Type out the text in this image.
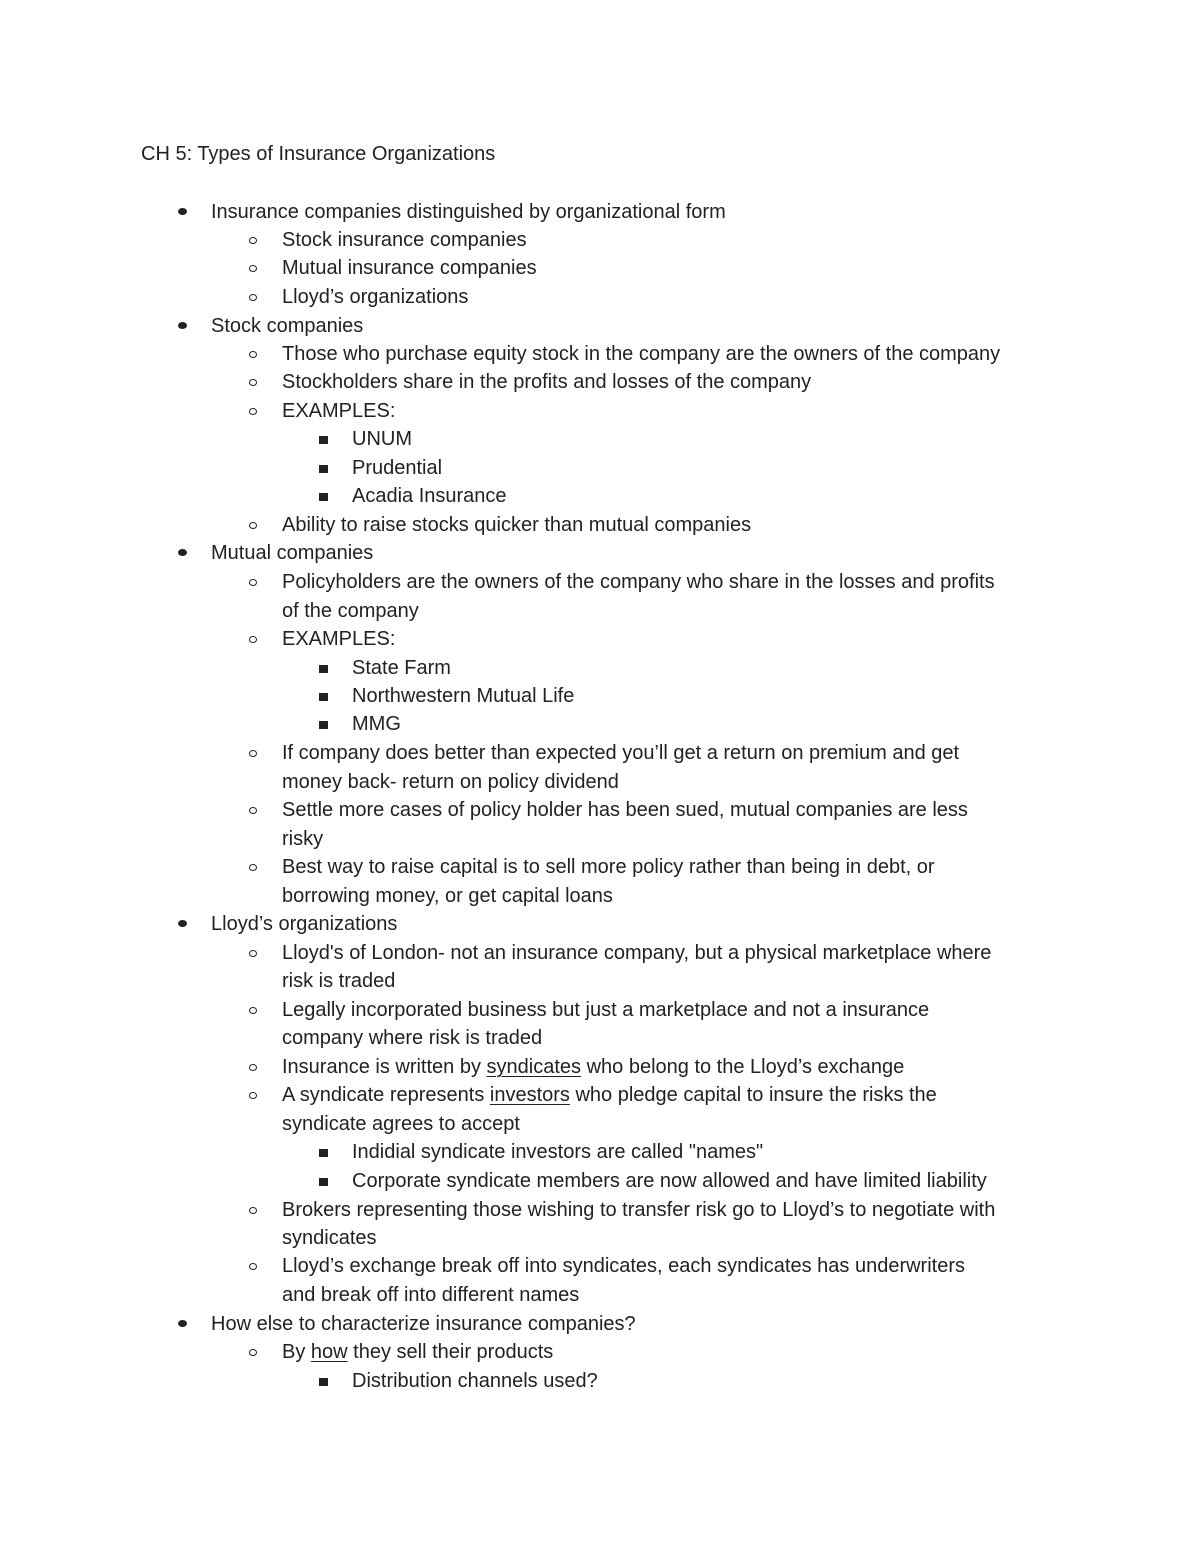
CH 5: Types of Insurance Organizations
Insurance companies distinguished by organizational form
Stock insurance companies
Mutual insurance companies
Lloyd’s organizations
Stock companies
Those who purchase equity stock in the company are the owners of the company
Stockholders share in the profits and losses of the company
EXAMPLES:
UNUM
Prudential
Acadia Insurance
Ability to raise stocks quicker than mutual companies
Mutual companies
Policyholders are the owners of the company who share in the losses and profits
of the company
EXAMPLES:
State Farm
Northwestern Mutual Life
MMG
If company does better than expected you’ll get a return on premium and get
money back- return on policy dividend
Settle more cases of policy holder has been sued, mutual companies are less
risky
Best way to raise capital is to sell more policy rather than being in debt, or
borrowing money, or get capital loans
Lloyd’s organizations
Lloyd's of London- not an insurance company, but a physical marketplace where
risk is traded
Legally incorporated business but just a marketplace and not a insurance
company where risk is traded
Insurance is written by syndicates who belong to the Lloyd’s exchange
A syndicate represents investors who pledge capital to insure the risks the
syndicate agrees to accept
Indidial syndicate investors are called "names"
Corporate syndicate members are now allowed and have limited liability
Brokers representing those wishing to transfer risk go to Lloyd’s to negotiate with
syndicates
Lloyd’s exchange break off into syndicates, each syndicates has underwriters
and break off into different names
How else to characterize insurance companies?
By how they sell their products
Distribution channels used?
